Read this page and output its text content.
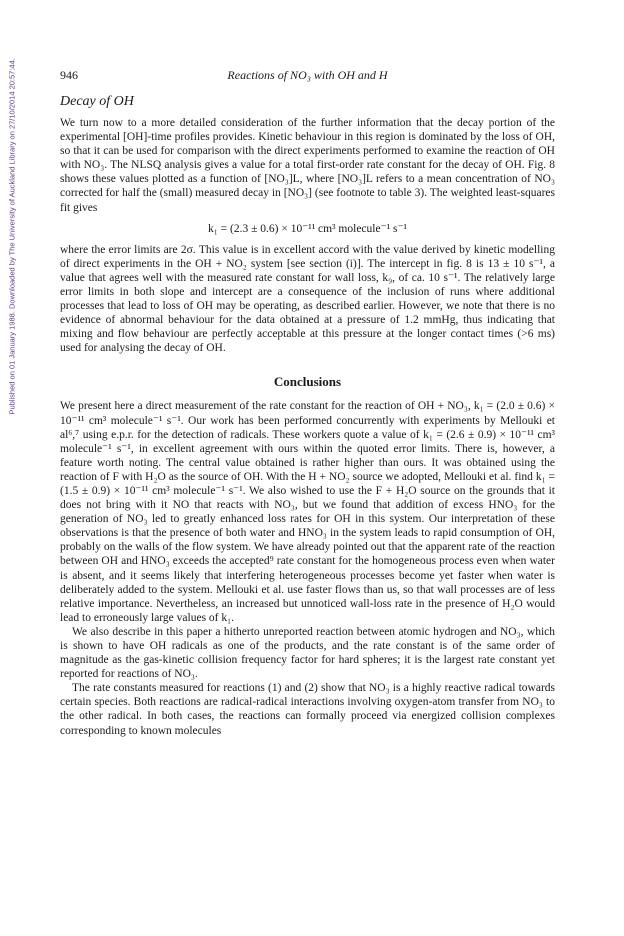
Published on 01 January 1988. Downloaded by The University of Auckland Library on 27/10/2014 20:57:44.	946	Reactions of NO₃ with OH and H
Decay of OH

We turn now to a more detailed consideration of the further information that the decay portion of the experimental [OH]-time profiles provides. Kinetic behaviour in this region is dominated by the loss of OH, so that it can be used for comparison with the direct experiments performed to examine the reaction of OH with NO₃. The NLSQ analysis gives a value for a total first-order rate constant for the decay of OH. Fig. 8 shows these values plotted as a function of [NO₃]L, where [NO₃]L refers to a mean concentration of NO₃ corrected for half the (small) measured decay in [NO₃] (see footnote to table 3). The weighted least-squares fit gives

k₁ = (2.3 ± 0.6) × 10⁻¹¹ cm³ molecule⁻¹ s⁻¹

where the error limits are 2σ. This value is in excellent accord with the value derived by kinetic modelling of direct experiments in the OH + NO₂ system [see section (i)]. The intercept in fig. 8 is 13 ± 10 s⁻¹, a value that agrees well with the measured rate constant for wall loss, k₉, of ca. 10 s⁻¹. The relatively large error limits in both slope and intercept are a consequence of the inclusion of runs where additional processes that lead to loss of OH may be operating, as described earlier. However, we note that there is no evidence of abnormal behaviour for the data obtained at a pressure of 1.2 mmHg, thus indicating that mixing and flow behaviour are perfectly acceptable at this pressure at the longer contact times (>6 ms) used for analysing the decay of OH.

Conclusions

We present here a direct measurement of the rate constant for the reaction of OH + NO₃, k₁ = (2.0 ± 0.6) × 10⁻¹¹ cm³ molecule⁻¹ s⁻¹. Our work has been performed concurrently with experiments by Mellouki et al⁶,⁷ using e.p.r. for the detection of radicals. These workers quote a value of k₁ = (2.6 ± 0.9) × 10⁻¹¹ cm³ molecule⁻¹ s⁻¹, in excellent agreement with ours within the quoted error limits. There is, however, a feature worth noting. The central value obtained is rather higher than ours. It was obtained using the reaction of F with H₂O as the source of OH. With the H + NO₂ source we adopted, Mellouki et al. find k₁ = (1.5 ± 0.9) × 10⁻¹¹ cm³ molecule⁻¹ s⁻¹. We also wished to use the F + H₂O source on the grounds that it does not bring with it NO that reacts with NO₃, but we found that addition of excess HNO₃ for the generation of NO₃ led to greatly enhanced loss rates for OH in this system. Our interpretation of these observations is that the presence of both water and HNO₃ in the system leads to rapid consumption of OH, probably on the walls of the flow system. We have already pointed out that the apparent rate of the reaction between OH and HNO₃ exceeds the accepted⁹ rate constant for the homogeneous process even when water is absent, and it seems likely that interfering heterogeneous processes become yet faster when water is deliberately added to the system. Mellouki et al. use faster flows than us, so that wall processes are of less relative importance. Nevertheless, an increased but unnoticed wall-loss rate in the presence of H₂O would lead to erroneously large values of k₁.

We also describe in this paper a hitherto unreported reaction between atomic hydrogen and NO₃, which is shown to have OH radicals as one of the products, and the rate constant is of the same order of magnitude as the gas-kinetic collision frequency factor for hard spheres; it is the largest rate constant yet reported for reactions of NO₃.

The rate constants measured for reactions (1) and (2) show that NO₃ is a highly reactive radical towards certain species. Both reactions are radical-radical interactions involving oxygen-atom transfer from NO₃ to the other radical. In both cases, the reactions can formally proceed via energized collision complexes corresponding to known molecules
